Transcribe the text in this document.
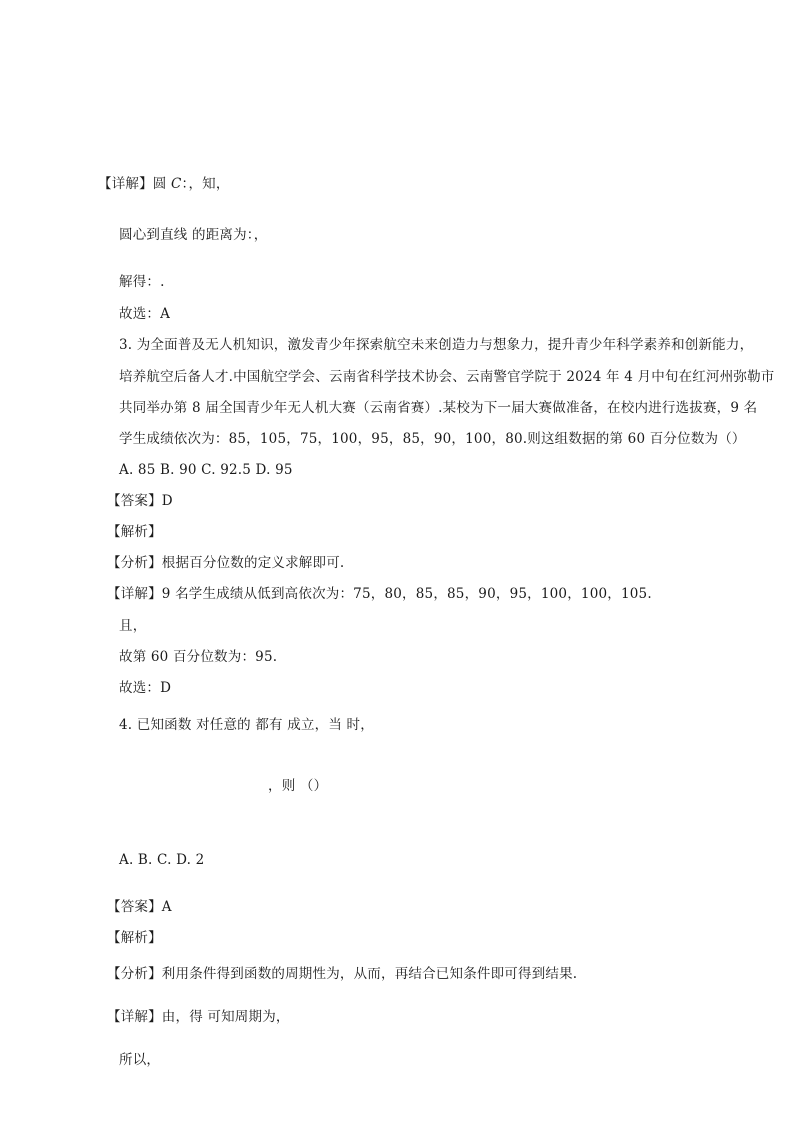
【详解】圆 C：，知，
圆心到直线 的距离为：，
解得：.
故选：A
3. 为全面普及无人机知识，激发青少年探索航空未来创造力与想象力，提升青少年科学素养和创新能力，
培养航空后备人才.中国航空学会、云南省科学技术协会、云南警官学院于 2024 年 4 月中旬在红河州弥勒市
共同举办第 8 届全国青少年无人机大赛（云南省赛）.某校为下一届大赛做准备，在校内进行选拔赛，9 名
学生成绩依次为：85，105，75，100，95，85，90，100，80.则这组数据的第 60 百分位数为（）
A. 85 B. 90 C. 92.5 D. 95
【答案】D
【解析】
【分析】根据百分位数的定义求解即可.
【详解】9 名学生成绩从低到高依次为：75，80，85，85，90，95，100，100，105.
且，
故第 60 百分位数为：95.
故选：D
4. 已知函数 对任意的 都有 成立，当 时，
，则 （）
A. B. C. D. 2
【答案】A
【解析】
【分析】利用条件得到函数的周期性为，从而，再结合已知条件即可得到结果.
【详解】由，得 可知周期为，
所以，
